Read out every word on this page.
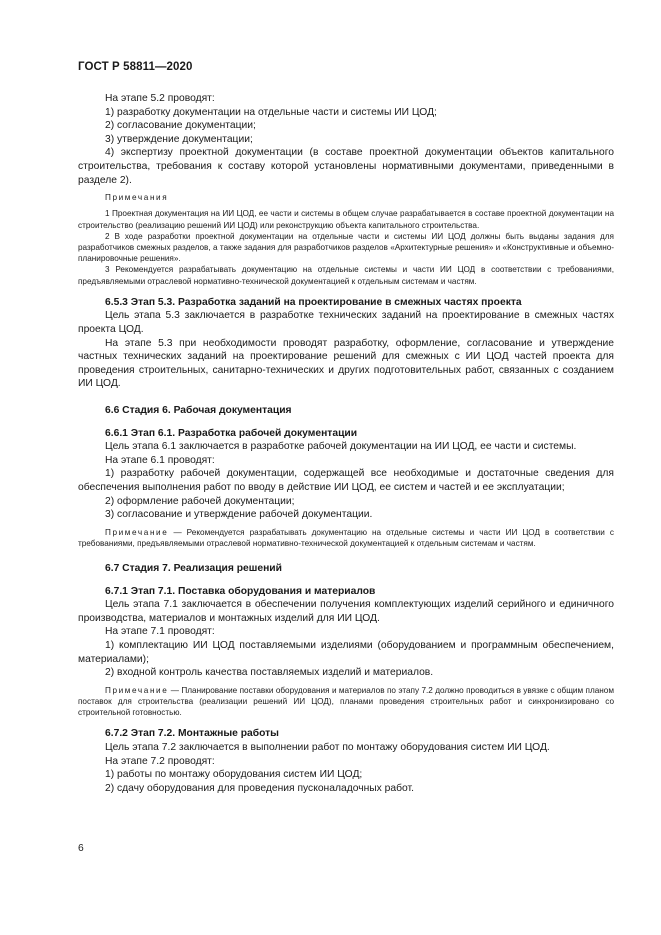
ГОСТ Р 58811—2020

На этапе 5.2 проводят:

1) разработку документации на отдельные части и системы ИИ ЦОД;

2) согласование документации;

3) утверждение документации;

4) экспертизу проектной документации (в составе проектной документации объектов капитального строительства, требования к составу которой установлены нормативными документами, приведенными в разделе 2).

Примечания

1 Проектная документация на ИИ ЦОД, ее части и системы в общем случае разрабатывается в составе проектной документации на строительство (реализацию решений ИИ ЦОД) или реконструкцию объекта капитального строительства.

2 В ходе разработки проектной документации на отдельные части и системы ИИ ЦОД должны быть выданы задания для разработчиков смежных разделов, а также задания для разработчиков разделов «Архитектурные решения» и «Конструктивные и объемно-планировочные решения».

3 Рекомендуется разрабатывать документацию на отдельные системы и части ИИ ЦОД в соответствии с требованиями, предъявляемыми отраслевой нормативно-технической документацией к отдельным системам и частям.

6.5.3 Этап 5.3. Разработка заданий на проектирование в смежных частях проекта

Цель этапа 5.3 заключается в разработке технических заданий на проектирование в смежных частях проекта ЦОД.

На этапе 5.3 при необходимости проводят разработку, оформление, согласование и утверждение частных технических заданий на проектирование решений для смежных с ИИ ЦОД частей проекта для проведения строительных, санитарно-технических и других подготовительных работ, связанных с созданием ИИ ЦОД.

6.6 Стадия 6. Рабочая документация

6.6.1 Этап 6.1. Разработка рабочей документации

Цель этапа 6.1 заключается в разработке рабочей документации на ИИ ЦОД, ее части и системы.

На этапе 6.1 проводят:

1) разработку рабочей документации, содержащей все необходимые и достаточные сведения для обеспечения выполнения работ по вводу в действие ИИ ЦОД, ее систем и частей и ее эксплуатации;

2) оформление рабочей документации;

3) согласование и утверждение рабочей документации.

Примечание — Рекомендуется разрабатывать документацию на отдельные системы и части ИИ ЦОД в соответствии с требованиями, предъявляемыми отраслевой нормативно-технической документацией к отдельным системам и частям.

6.7 Стадия 7. Реализация решений

6.7.1 Этап 7.1. Поставка оборудования и материалов

Цель этапа 7.1 заключается в обеспечении получения комплектующих изделий серийного и единичного производства, материалов и монтажных изделий для ИИ ЦОД.

На этапе 7.1 проводят:

1) комплектацию ИИ ЦОД поставляемыми изделиями (оборудованием и программным обеспечением, материалами);

2) входной контроль качества поставляемых изделий и материалов.

Примечание — Планирование поставки оборудования и материалов по этапу 7.2 должно проводиться в увязке с общим планом поставок для строительства (реализации решений ИИ ЦОД), планами проведения строительных работ и синхронизировано со строительной готовностью.

6.7.2 Этап 7.2. Монтажные работы

Цель этапа 7.2 заключается в выполнении работ по монтажу оборудования систем ИИ ЦОД.

На этапе 7.2 проводят:

1) работы по монтажу оборудования систем ИИ ЦОД;

2) сдачу оборудования для проведения пусконаладочных работ.

6
